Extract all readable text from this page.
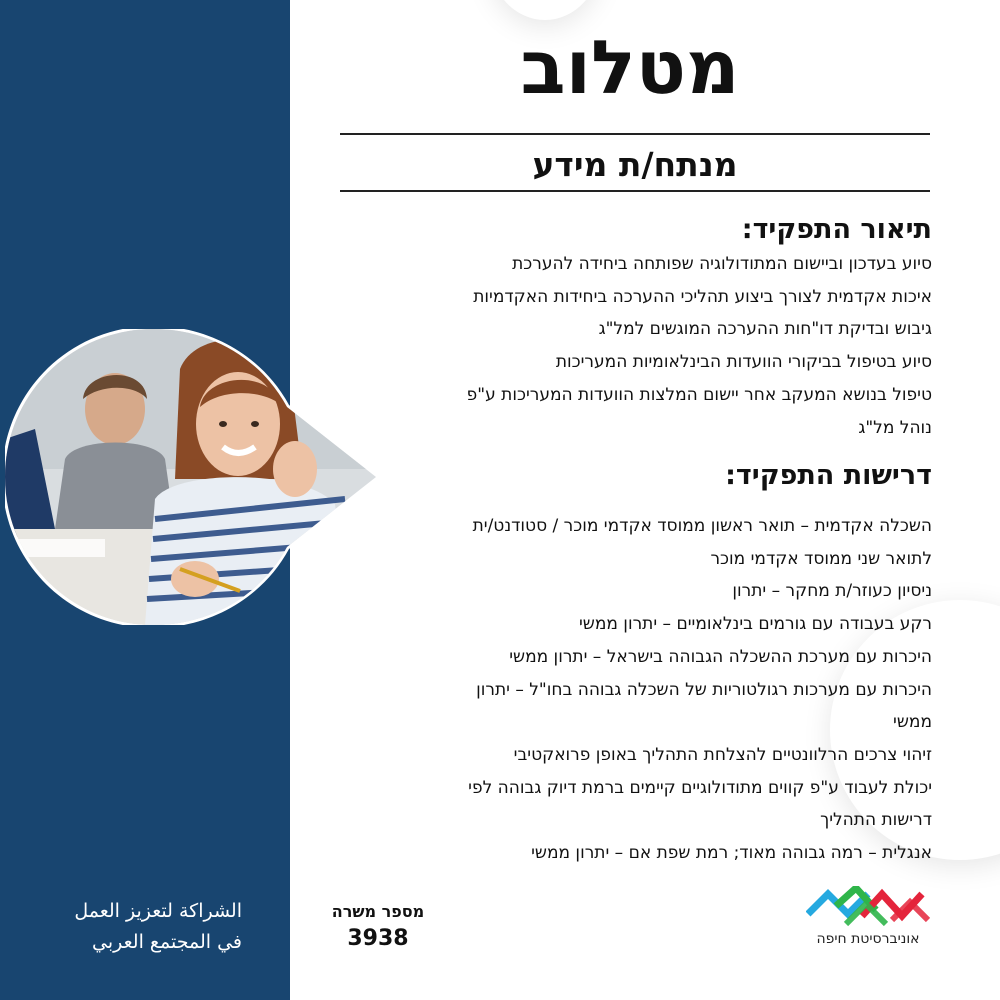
מטלוב
מנתח/ת מידע
תיאור התפקיד:
סיוע בעדכון וביישום המתודולוגיה שפותחה ביחידה להערכת
איכות אקדמית לצורך ביצוע תהליכי ההערכה ביחידות האקדמיות
גיבוש ובדיקת דו"חות ההערכה המוגשים למל"ג
סיוע בטיפול בביקורי הוועדות הבינלאומיות המעריכות
טיפול בנושא המעקב אחר יישום המלצות הוועדות המעריכות ע"פ
נוהל מל"ג
דרישות התפקיד:
השכלה אקדמית – תואר ראשון ממוסד אקדמי מוכר / סטודנט/ית
לתואר שני ממוסד אקדמי מוכר
ניסיון כעוזר/ת מחקר – יתרון
רקע בעבודה עם גורמים בינלאומיים – יתרון ממשי
היכרות עם מערכת ההשכלה הגבוהה בישראל – יתרון ממשי
היכרות עם מערכות רגולטוריות של השכלה גבוהה בחו"ל – יתרון
ממשי
זיהוי צרכים הרלוונטיים להצלחת התהליך באופן פרואקטיבי
יכולת לעבוד ע"פ קווים מתודולוגיים קיימים ברמת דיוק גבוהה לפי
דרישות התהליך
אנגלית – רמה גבוהה מאוד; רמת שפת אם – יתרון ממשי
الشراكة لتعزيز العمل
في المجتمع العربي
מספר משרה
3938	אוניברסיטת חיפה
